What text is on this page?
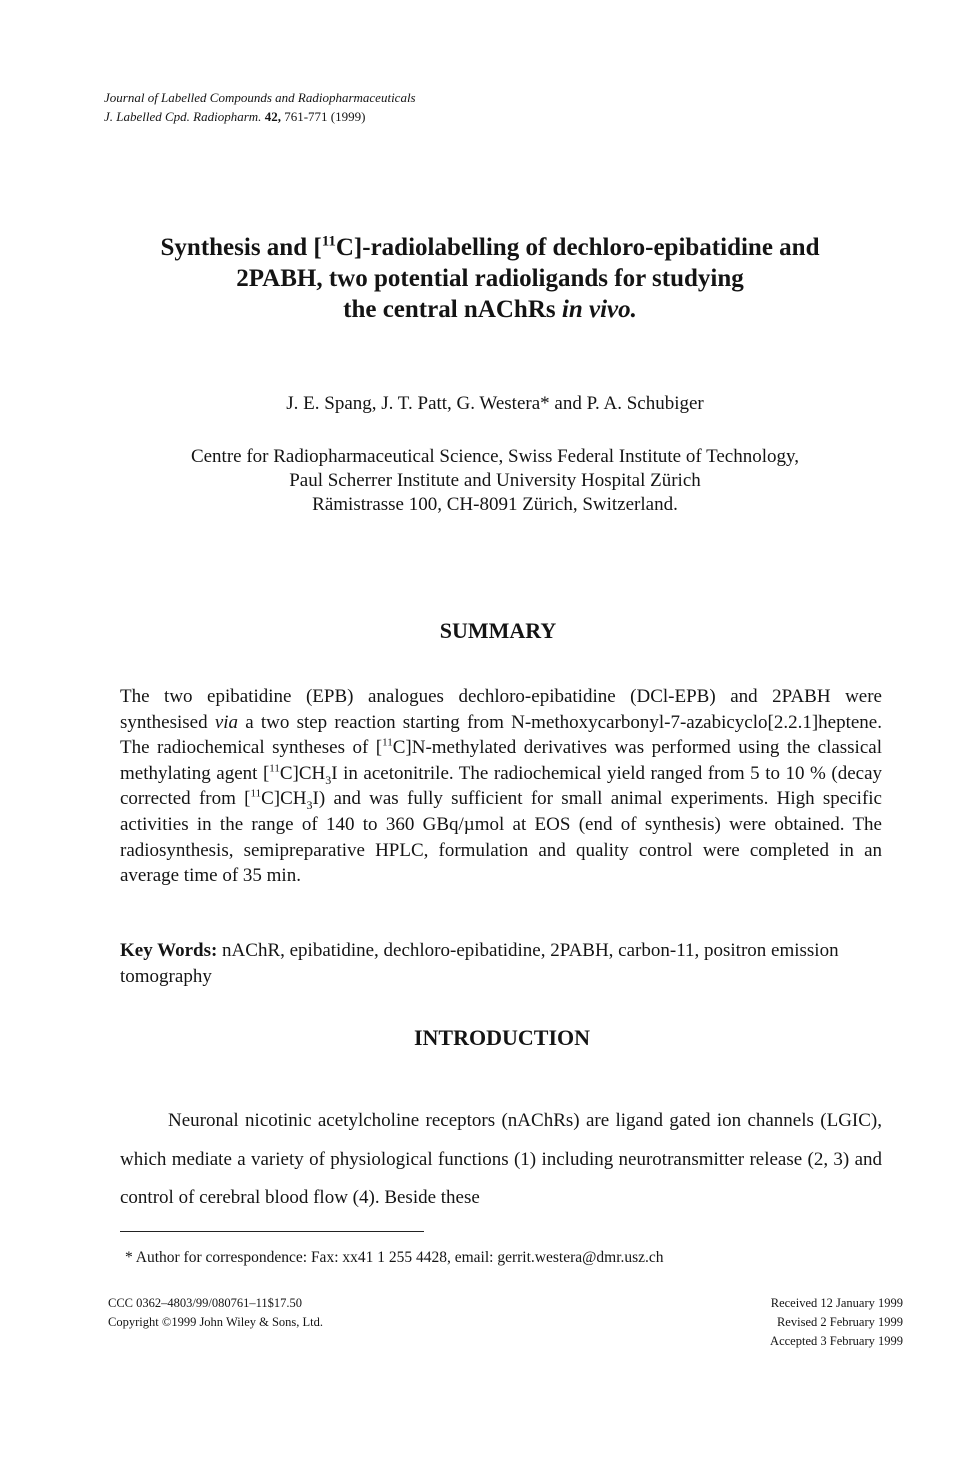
Journal of Labelled Compounds and Radiopharmaceuticals
J. Labelled Cpd. Radiopharm. 42, 761-771 (1999)
Synthesis and [$^{11}$C]-radiolabelling of dechloro-epibatidine and
2PABH, two potential radioligands for studying
the central nAChRs in vivo.
J. E. Spang, J. T. Patt, G. Westera* and P. A. Schubiger
Centre for Radiopharmaceutical Science, Swiss Federal Institute of Technology,
Paul Scherrer Institute and University Hospital Zürich
Rämistrasse 100, CH-8091 Zürich, Switzerland.
SUMMARY
The two epibatidine (EPB) analogues dechloro-epibatidine (DCl-EPB) and 2PABH were synthesised via a two step reaction starting from N-methoxycarbonyl-7-azabicyclo[2.2.1]heptene. The radiochemical syntheses of [$^{11}$C]N-methylated derivatives was performed using the classical methylating agent $[^{11}C]CH_3I$ in acetonitrile. The radiochemical yield ranged from 5 to 10 % (decay corrected from $[^{11}C]CH_3I$) and was fully sufficient for small animal experiments. High specific activities in the range of 140 to 360 GBq/µmol at EOS (end of synthesis) were obtained. The radiosynthesis, semipreparative HPLC, formulation and quality control were completed in an average time of 35 min.
Key Words: nAChR, epibatidine, dechloro-epibatidine, 2PABH, carbon-11, positron emission tomography
INTRODUCTION
Neuronal nicotinic acetylcholine receptors (nAChRs) are ligand gated ion channels (LGIC), which mediate a variety of physiological functions (1) including neurotransmitter release (2, 3) and control of cerebral blood flow (4). Beside these
* Author for correspondence: Fax: xx41 1 255 4428, email: gerrit.westera@dmr.usz.ch
CCC 0362–4803/99/080761–11$17.50
Copyright ©1999 John Wiley & Sons, Ltd.
Received 12 January 1999
Revised 2 February 1999
Accepted 3 February 1999
